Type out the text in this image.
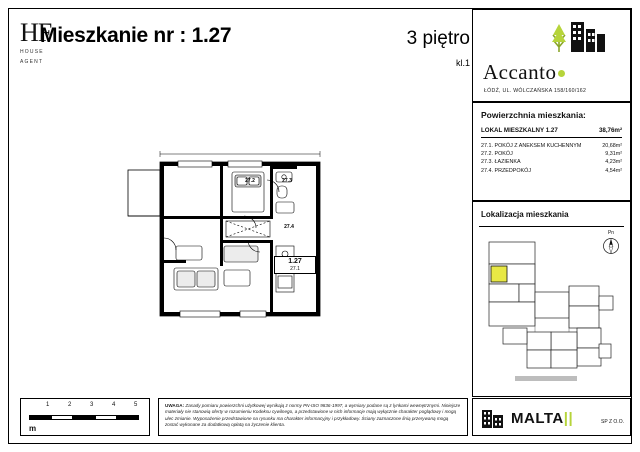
HF
HOUSE
AGENT
Mieszkanie nr : 1.27	3 piętro
kl.1 Accanto
ŁÓDŹ, UL. WÓLCZAŃSKA 158/160/162
Powierzchnia mieszkania:
LOKAL MIESZKALNY 1.27	38,76m²
27.1. POKÓJ Z ANEKSEM KUCHENNYM	20,68m²
27.2. POKÓJ	9,31m²
27.3. ŁAZIENKA	4,23m²
27.4. PRZEDPOKÓJ	4,54m²
Lokalizacja mieszkania
Pn
27.2	27.3
27.4
1.27
27.1
1	2	3	4	5
m

UWAGA: Zasady pomiaru powierzchni użytkowej wynikają z normy PN-ISO 9836-1997, a wymiary podane są z lynkami wewnętrznymi. Niniejsze materiały nie stanowią oferty w rozumieniu Kodeksu cywilnego, a przedstawione w nich informacje mają wyłącznie charakter poglądowy i mogą ulec zmianie. Wyposażenie przedstawione na rysunku ma charakter informacyjny i przykładowy. Ściany zaznaczone linią przerywaną mogą zostać wykonane za dodatkową opłatą na życzenie klienta.	MALTA||	SP Z O.O.
